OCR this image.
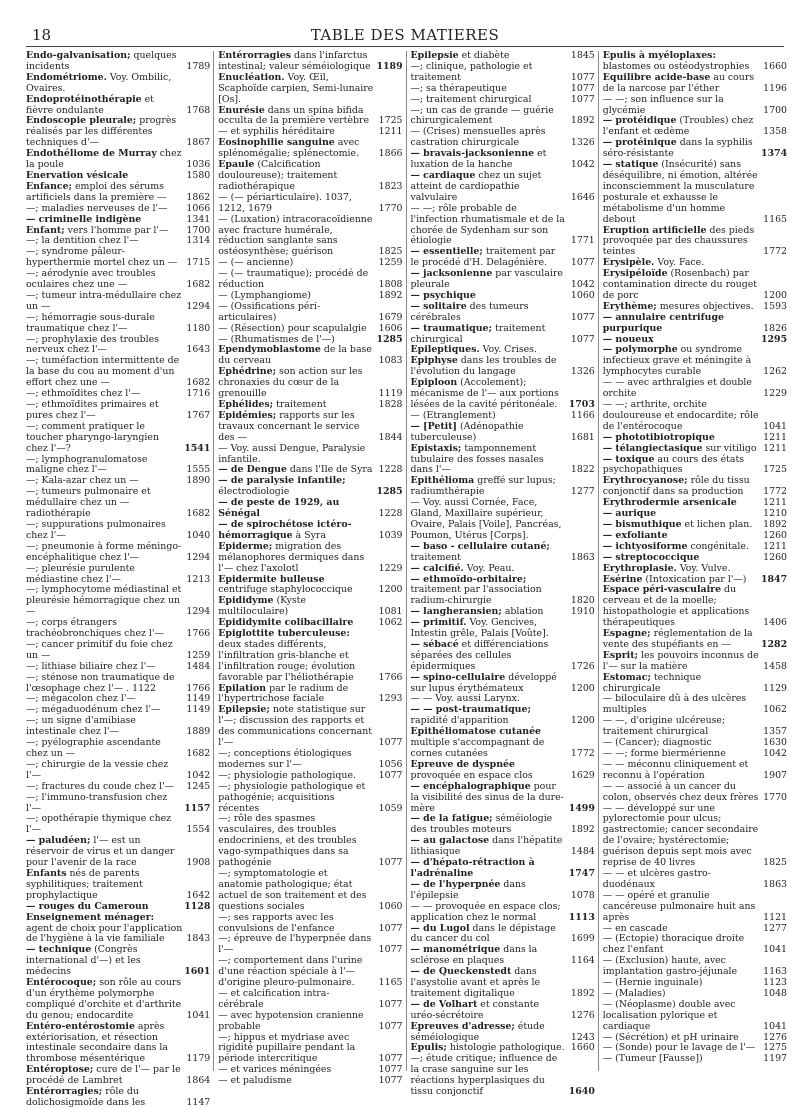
18	TABLE DES MATIERES
Endo-galvanisation; quelques
incidents	1789
Endométriome. Voy. Ombilic, Ovaires.
Endoprotéinothérapie et fièvre ondulante	1768
Endoscopie pleurale; progrès réalisés par les différentes techniques d'—	1867
Endothéliome de Murray chez la poule	1036
Enervation vésicale	1580
Enfance; emploi des sérums artificiels dans la première —	1862
—; maladies nerveuses de l'—	1066
— criminelle indigène	1341
Enfant; vers l'homme par l'—	1700
—; la dentition chez l'—	1314
—; syndrome pâleur-hyperthermie mortel chez un — 1715
—; aérodynie avec troubles oculaires chez une —	1682
—; tumeur intra-médullaire chez un —	1294
—; hémorragie sous-durale traumatique chez l'—	1180
—; prophylaxie des troubles nerveux chez l'—	1643
—; tuméfaction intermittente de la base du cou au moment d'un effort chez une —	1682
—; ethmoïdites chez l'—	1716
—; ethmoïdites primaires et pures chez l'—	1767
—; comment pratiquer le toucher pharyngo-laryngien chez l'—?	1541
—; lymphogranulomatose maligne chez l'—	1555
—; Kala-azar chez un —	1890
—; tumeurs pulmonaire et médullaire chez un — radiothérapie	1682
—; suppurations pulmonaires chez l'—	1040
—; pneumonie à forme méningo-encéphalitique chez l'—	1294
—; pleurésie purulente médiastine chez l'—	1213
—; lymphocytome médiastinal et pleurésie hémorragique chez un —	1294
—; corps étrangers trachéobronchiques chez l'—	1766
—; cancer primitif du foie chez un —	1259
—; lithiase biliaire chez l'—	1484
—; sténose non traumatique de l'œsophage chez l'— . 1122	1766
—; mégacolon chez l'—	1149
—; mégaduodénum chez l'—	1149
—; un signe d'amibiase intestinale chez l'—	1889
—; pyélographie ascendante chez un —	1682
—; chirurgie de la vessie chez l'—	1042
—; fractures du coude chez l'—	1245
—; l'immuno-transfusion chez l'—	1157
—; opothérapie thymique chez l'—	1554
— paludéen; l'— est un réservoir de virus et un danger pour l'avenir de la race	1908
Enfants nés de parents syphilitiques; traitement prophylactique	1642
— rouges du Cameroun	1128
Enseignement ménager: agent de choix pour l'application de l'hygiène à la vie familiale	1843
— technique (Congrès international d'—) et les médecins	1601
Entérocoque; son rôle au cours d'un érythème polymorphe compliqué d'orchite et d'arthrite du genou; endocardite	1041
Entéro-entérostomie après extériorisation, et résection intestinale secondaire dans la thrombose mésentérique	1179
Entéroptose; cure de l'— par le procédé de Lambret	1864
Entérorragies; rôle du dolichosigmoïde dans les	1147
Entérorragies dans l'infarctus intestinal; valeur séméiologique 1189
Enucléation. Voy. Œil, Scaphoïde carpien, Semi-lunaire [Os].
Enurésie dans un spina bifida occulta de la première vertèbre	1725
— et syphilis héréditaire	1211
Eosinophilie sanguine avec splénomégalie; splénectomie.	1866
Epaule (Calcification douloureuse); traitement radiothérapique	1823
— (— périarticulaire). 1037, 1212, 1679	1770
— (Luxation) intracoracoïdienne avec fracture humérale, réduction sanglante sans ostéosynthèse; guérison	1825
— (— ancienne)	1259
— (— traumatique); procédé de réduction	1808
— (Lymphangiome)	1892
— (Ossifications péri-articulaires)	1679
— (Résection) pour scapulalgie	1606
— (Rhumatismes de l'—)	1285
Ependymoblastome de la base du cerveau	1083
Ephédrine; son action sur les chronaxies du cœur de la grenouille	1119
Ephélides; traitement	1828
Epidémies; rapports sur les travaux concernant le service des —	1844
— Voy. aussi Dengue, Paralysie infantile.
— de Dengue dans l'Ile de Syra 1228
— de paralysie infantile; électrodiologie	1285
— de peste de 1929, au Sénégal	1228
— de spirochétose ictéro-hémorragique à Syra	1039
Epiderme; migration des mélanophores dermiques dans l'— chez l'axolotl	1229
Epidermite bulleuse centrifuge staphylococcique	1200
Epididyme (Kyste multiloculaire)	1081
Epididymite colibacillaire	1062
Epiglottite tuberculeuse: deux stades différents, l'infiltration gris-blanche et l'infiltration rouge; évolution favorable par l'héliothérapie	1766
Epilation par le radium de l'hypertrichose faciale	1293
Epilepsie; note statistique sur l'—; discussion des rapports et des communications concernant l'—	1077
—; conceptions étiologiques modernes sur l'—	1056
—; physiologie pathologique.	1077
—; physiologie pathologique et pathogénie; acquisitions récentes	1059
—; rôle des spasmes vasculaires, des troubles endocriniens, et des troubles vago-sympathiques dans sa pathogénie	1077
—; symptomatologie et anatomie pathologique; état actuel de son traitement et des questions sociales	1060
—; ses rapports avec les convulsions de l'enfance	1077
—; épreuve de l'hyperpnée dans l'—	1077
—; comportement dans l'urine d'une réaction spéciale à l'— d'origine pleuro-pulmonaire.	1165
— et calcification intra-cérébrale	1077
— avec hypotension cranienne probable	1077
—; hippus et mydriase avec rigidité pupillaire pendant la période intercritique	1077
— et varices méningées	1077
— et paludisme	1077
Epilepsie et diabète	1845
—; clinique, pathologie et traitement	1077
—; sa thérapeutique	1077
—; traitement chirurgical	1077
—; un cas de grande — guérie chirurgicalement	1892
— (Crises) mensuelles après castration chirurgicale	1326
— bravais-jacksonienne et luxation de la hanche	1042
— cardiaque chez un sujet atteint de cardiopathie valvulaire	1646
— —; rôle probable de l'infection rhumatismale et de la chorée de Sydenham sur son étiologie	1771
— essentielle; traitement par le procédé d'H. Delagénière.	1077
— jacksonienne par vasculaire pleurale	1042
— psychique	1060
— solitaire des tumeurs cérébrales	1077
— traumatique; traitement chirurgical	1077
Epileptiques. Voy. Crises.
Epiphyse dans les troubles de l'évolution du langage	1326
Epiploon (Accolement); mécanisme de l'— aux portions lésées de la cavité péritonéale.	1703
— (Etranglement)	1166
— [Petit] (Adénopathie tuberculeuse)	1681
Epistaxis; tamponnement tubulaire des fosses nasales dans l'—	1822
Epithélioma greffé sur lupus; radiumthérapie	1277
— Voy. aussi Cornée, Face, Gland, Maxillaire supérieur, Ovaire, Palais [Voile], Pancréas, Poumon, Utérus [Corps].
— baso - cellulaire cutané; traitement	1863
— calcifié. Voy. Peau.
— ethmoïdo-orbitaire; traitement par l'association radium-chirurgie	1820
— langheransien; ablation	1910
— primitif. Voy. Gencives, Intestin grêle, Palais [Voûte].
— sébacé et différenciations séparées des cellules épidermiques	1726
— spino-cellulaire développé sur lupus érythémateux	1200
— — Voy. aussi Larynx.
— — post-traumatique; rapidité d'apparition	1200
Epithéliomatose cutanée multiple s'accompagnant de cornes cutanées	1772
Epreuve de dyspnée provoquée en espace clos	1629
— encéphalographique pour la visibilité des sinus de la dure-mère	1499
— de la fatigue; séméiologie des troubles moteurs	1892
— au galactose dans l'hépatite lithiasique	1484
— d'hépato-rétraction à l'adrénaline	1747
— de l'hyperpnée dans l'épilepsie	1078
— — provoquée en espace clos; application chez le normal	1113
— du Lugol dans le dépistage du cancer du col	1699
— manométrique dans la sclérose en plaques	1164
— de Queckenstedt dans l'asystolie avant et après le traitement digitalique	1892
— de Volhart et constante uréo-sécrétoire	1276
Epreuves d'adresse; étude séméiologique	1243
Epulis; histologie pathologique. 1660
—; étude critique; influence de la crase sanguine sur les réactions hyperplasiques du tissu conjonctif	1640
Epulis à myéloplaxes: blastomes ou ostéodystrophies	1660
Equilibre acide-base au cours de la narcose par l'éther	1196
— —; son influence sur la glycémie	1700
— protéidique (Troubles) chez l'enfant et œdème	1358
— protéinique dans la syphilis séro-résistante	1374
— statique (Insécurité) sans déséquilibre, ni émotion, altérée inconsciemment la musculature posturale et exhausse le métabolisme d'un homme debout	1165
Eruption artificielle des pieds provoquée par des chaussures teintes	1772
Erysipèle. Voy. Face.
Erysipéloïde (Rosenbach) par contamination directe du rouget de porc	1200
Erythème; mesures objectives.	1593
— annulaire centrifuge purpurique	1826
— noueux	1295
— polymorphe ou syndrome infectieux grave et méningite à lymphocytes curable	1262
— — avec arthralgies et double orchite	1229
— —; arthrite, orchite douloureuse et endocardite; rôle de l'entérocoque	1041
— phototibiotropique	1211
— télangiectasique sur vitiligo 1211
— toxique au cours des états psychopathiques	1725
Erythrocyanose; rôle du tissu conjonctif dans sa production	1772
Erythrodermie arsenicale	1211
— aurique	1210
— bismuthique et lichen plan.	1892
— exfoliante	1260
— ichtyosiforme congénitale.	1211
— streptococcique	1260
Erythroplasie. Voy. Vulve.
Esérine (Intoxication par l'—)	1847
Espace péri-vasculaire du cerveau et de la moelle; histopathologie et applications thérapeutiques	1406
Espagne; réglementation de la vente des stupéfiants en —	1282
Esprit; les pouvoirs inconnus de l'— sur la matière	1458
Estomac; technique chirurgicale	1129
— biloculaire dû à des ulcères multiples	1062
— —, d'origine ulcéreuse; traitement chirurgical	1357
— (Cancer); diagnostic	1630
— —; forme biermérienne	1042
— — méconnu cliniquement et reconnu à l'opération	1907
— — associé à un cancer du colon, observés chez deux frères 1770
— — développé sur une pylorectomie pour ulcus; gastrectomie; cancer secondaire de l'ovaire; hystérectomie; guérison depuis sept mois avec reprise de 40 livres	1825
— — et ulcères gastro-duodénaux	1863
— — opéré et granulie cancéreuse pulmonaire huit ans après	1121
— en cascade	1277
— (Ectopie) thoracique droite chez l'enfant	1041
— (Exclusion) haute, avec implantation gastro-jéjunale	1163
— (Hernie inguinale)	1123
— (Maladies)	1048
— (Néoplasme) double avec localisation pylorique et cardiaque	1041
— (Sécrétion) et pH urinaire	1276
— (Sonde) pour le lavage de l'— 1275
— (Tumeur [Fausse])	1197
